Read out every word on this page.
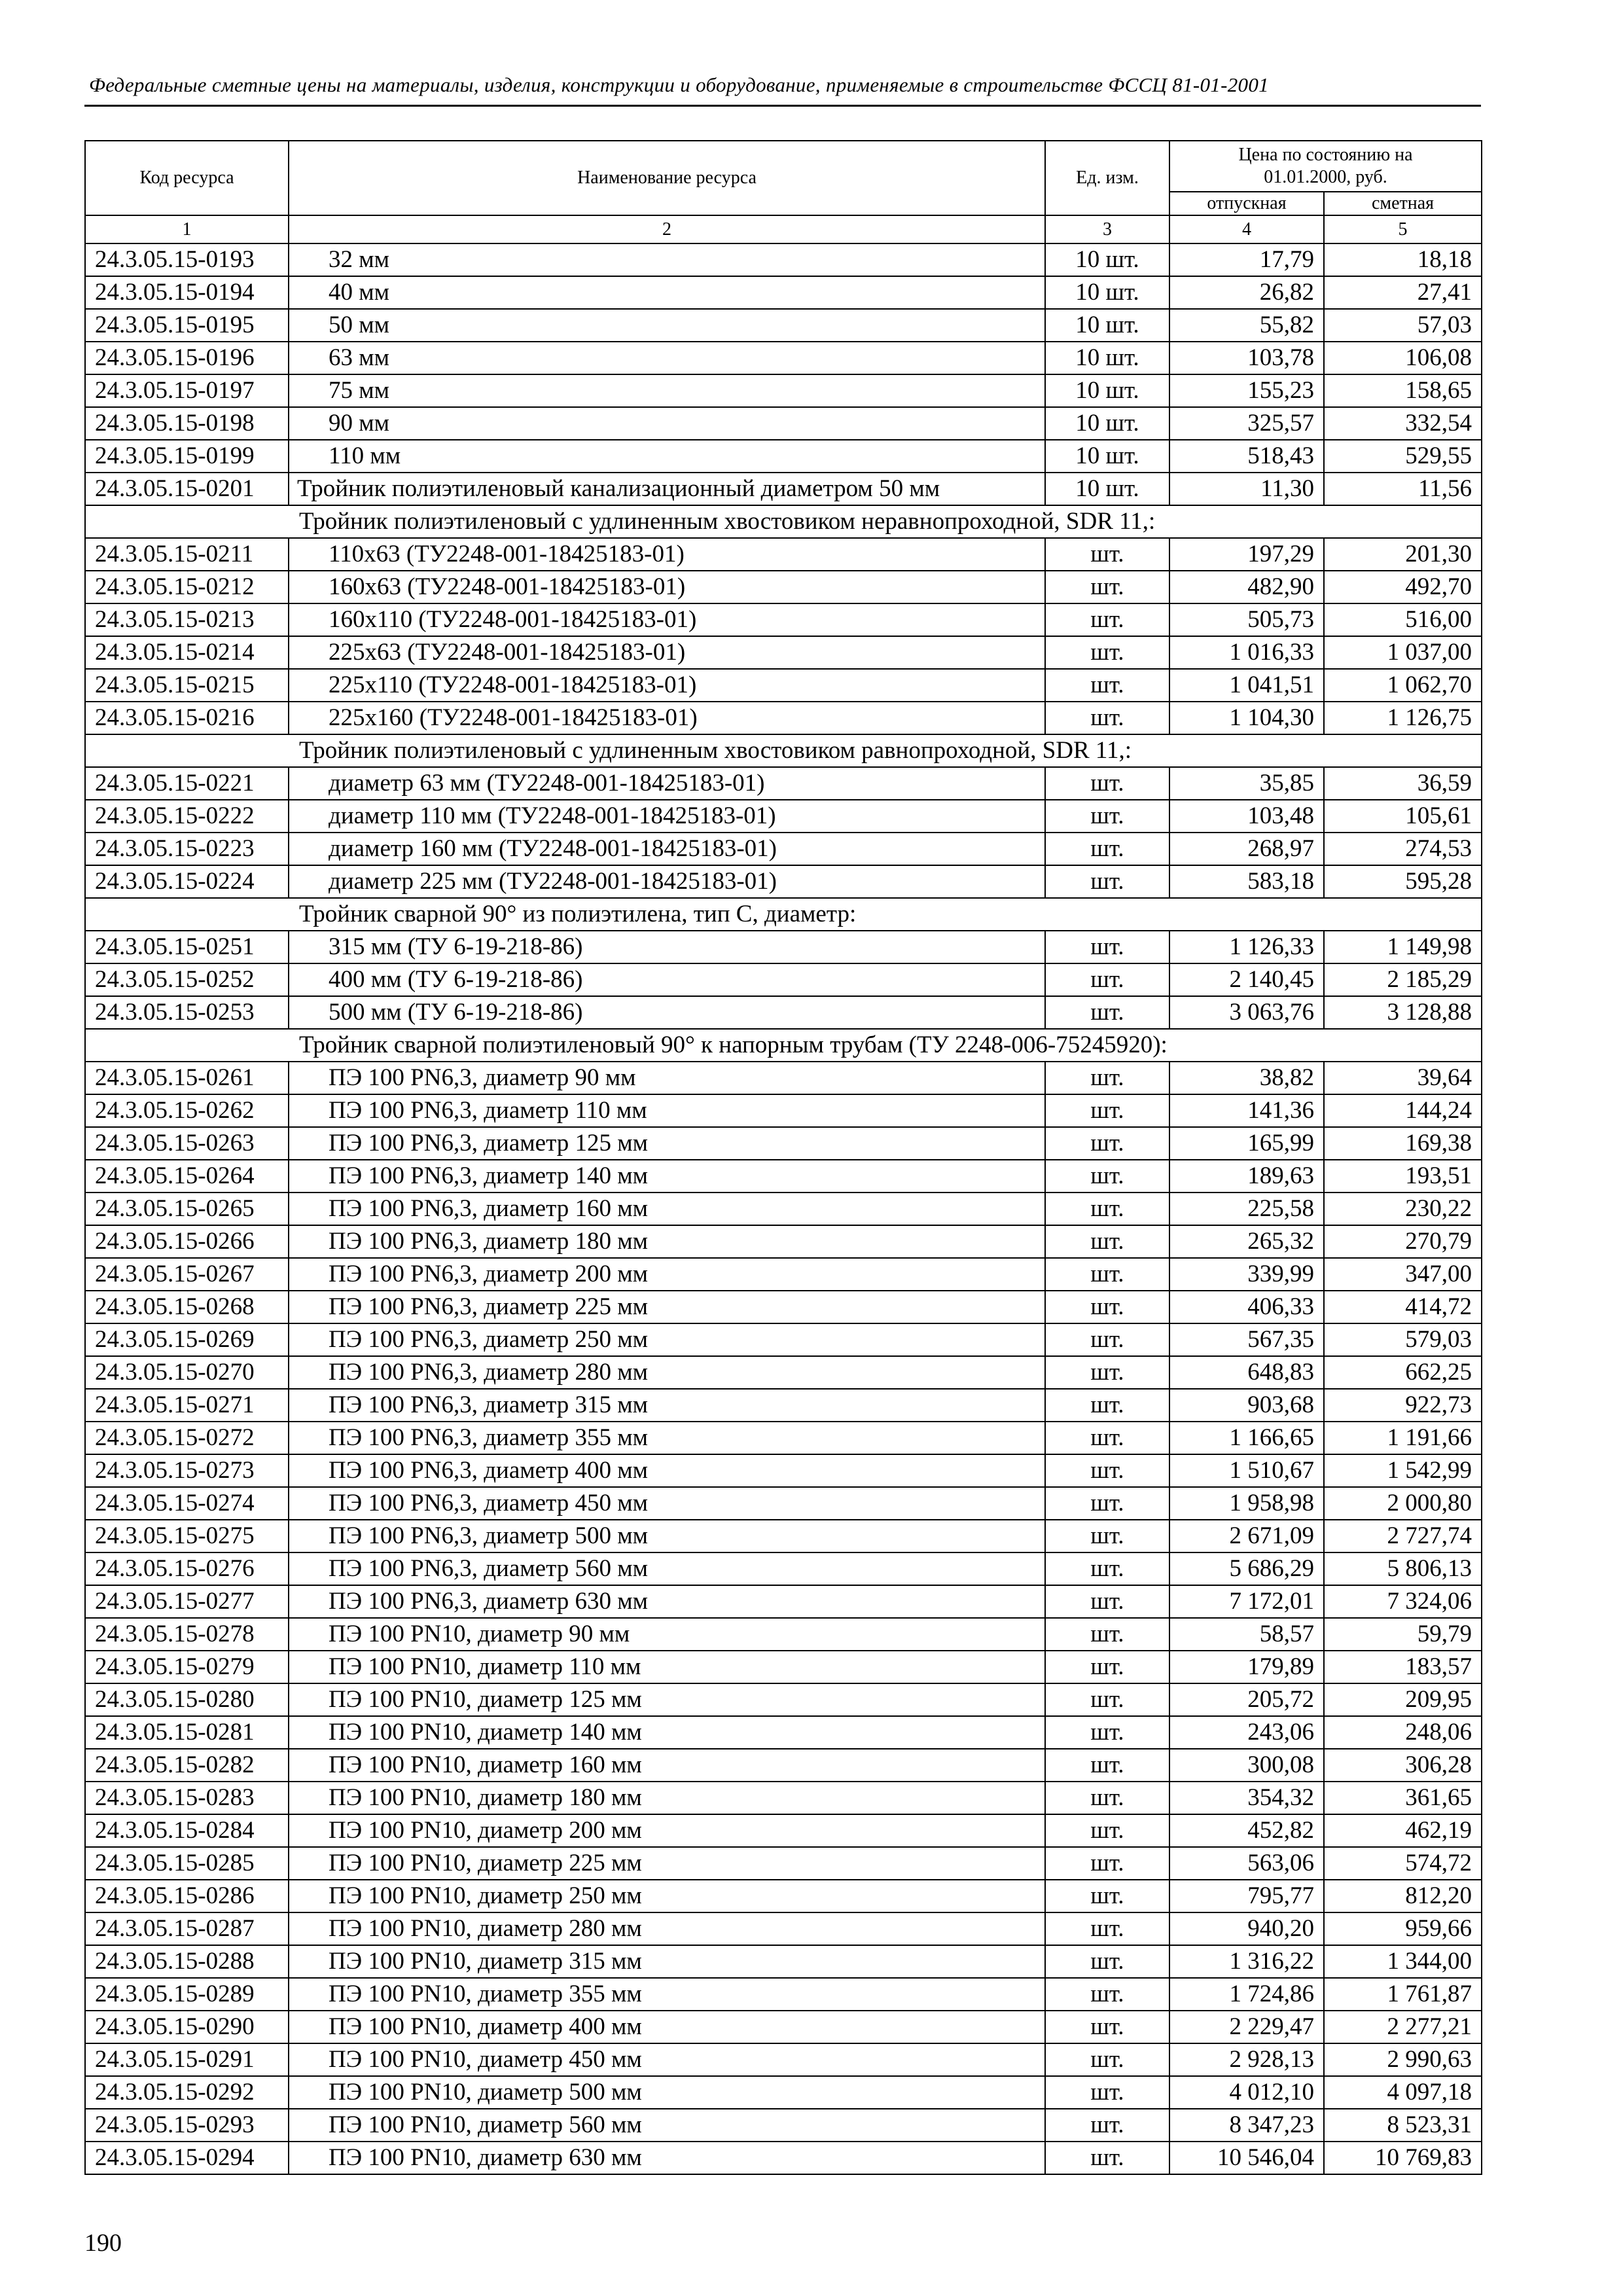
Федеральные сметные цены на материалы, изделия, конструкции и оборудование, применяемые в строительстве ФССЦ 81-01-2001
Код ресурса	Наименование ресурса	Ед. изм.	Цена по состоянию на 01.01.2000, руб.	
			отпускная	сметная
1	2	3	4	5
24.3.05.15-0193	32 мм	10 шт.	17,79	18,18
24.3.05.15-0194	40 мм	10 шт.	26,82	27,41
24.3.05.15-0195	50 мм	10 шт.	55,82	57,03
24.3.05.15-0196	63 мм	10 шт.	103,78	106,08
24.3.05.15-0197	75 мм	10 шт.	155,23	158,65
24.3.05.15-0198	90 мм	10 шт.	325,57	332,54
24.3.05.15-0199	110 мм	10 шт.	518,43	529,55
24.3.05.15-0201	Тройник полиэтиленовый канализационный диаметром 50 мм	10 шт.	11,30	11,56
Тройник полиэтиленовый с удлиненным хвостовиком неравнопроходной, SDR 11,:				
24.3.05.15-0211	110х63 (ТУ2248-001-18425183-01)	шт.	197,29	201,30
24.3.05.15-0212	160х63 (ТУ2248-001-18425183-01)	шт.	482,90	492,70
24.3.05.15-0213	160х110 (ТУ2248-001-18425183-01)	шт.	505,73	516,00
24.3.05.15-0214	225х63 (ТУ2248-001-18425183-01)	шт.	1 016,33	1 037,00
24.3.05.15-0215	225х110 (ТУ2248-001-18425183-01)	шт.	1 041,51	1 062,70
24.3.05.15-0216	225х160 (ТУ2248-001-18425183-01)	шт.	1 104,30	1 126,75
Тройник полиэтиленовый с удлиненным хвостовиком равнопроходной, SDR 11,:				
24.3.05.15-0221	диаметр 63 мм (ТУ2248-001-18425183-01)	шт.	35,85	36,59
24.3.05.15-0222	диаметр 110 мм (ТУ2248-001-18425183-01)	шт.	103,48	105,61
24.3.05.15-0223	диаметр 160 мм (ТУ2248-001-18425183-01)	шт.	268,97	274,53
24.3.05.15-0224	диаметр 225 мм (ТУ2248-001-18425183-01)	шт.	583,18	595,28
Тройник сварной 90° из полиэтилена, тип С, диаметр:				
24.3.05.15-0251	315 мм (ТУ 6-19-218-86)	шт.	1 126,33	1 149,98
24.3.05.15-0252	400 мм (ТУ 6-19-218-86)	шт.	2 140,45	2 185,29
24.3.05.15-0253	500 мм (ТУ 6-19-218-86)	шт.	3 063,76	3 128,88
Тройник сварной полиэтиленовый 90° к напорным трубам (ТУ 2248-006-75245920):				
24.3.05.15-0261	ПЭ 100 PN6,3, диаметр 90 мм	шт.	38,82	39,64
24.3.05.15-0262	ПЭ 100 PN6,3, диаметр 110 мм	шт.	141,36	144,24
24.3.05.15-0263	ПЭ 100 PN6,3, диаметр 125 мм	шт.	165,99	169,38
24.3.05.15-0264	ПЭ 100 PN6,3, диаметр 140 мм	шт.	189,63	193,51
24.3.05.15-0265	ПЭ 100 PN6,3, диаметр 160 мм	шт.	225,58	230,22
24.3.05.15-0266	ПЭ 100 PN6,3, диаметр 180 мм	шт.	265,32	270,79
24.3.05.15-0267	ПЭ 100 PN6,3, диаметр 200 мм	шт.	339,99	347,00
24.3.05.15-0268	ПЭ 100 PN6,3, диаметр 225 мм	шт.	406,33	414,72
24.3.05.15-0269	ПЭ 100 PN6,3, диаметр 250 мм	шт.	567,35	579,03
24.3.05.15-0270	ПЭ 100 PN6,3, диаметр 280 мм	шт.	648,83	662,25
24.3.05.15-0271	ПЭ 100 PN6,3, диаметр 315 мм	шт.	903,68	922,73
24.3.05.15-0272	ПЭ 100 PN6,3, диаметр 355 мм	шт.	1 166,65	1 191,66
24.3.05.15-0273	ПЭ 100 PN6,3, диаметр 400 мм	шт.	1 510,67	1 542,99
24.3.05.15-0274	ПЭ 100 PN6,3, диаметр 450 мм	шт.	1 958,98	2 000,80
24.3.05.15-0275	ПЭ 100 PN6,3, диаметр 500 мм	шт.	2 671,09	2 727,74
24.3.05.15-0276	ПЭ 100 PN6,3, диаметр 560 мм	шт.	5 686,29	5 806,13
24.3.05.15-0277	ПЭ 100 PN6,3, диаметр 630 мм	шт.	7 172,01	7 324,06
24.3.05.15-0278	ПЭ 100 PN10, диаметр 90 мм	шт.	58,57	59,79
24.3.05.15-0279	ПЭ 100 PN10, диаметр 110 мм	шт.	179,89	183,57
24.3.05.15-0280	ПЭ 100 PN10, диаметр 125 мм	шт.	205,72	209,95
24.3.05.15-0281	ПЭ 100 PN10, диаметр 140 мм	шт.	243,06	248,06
24.3.05.15-0282	ПЭ 100 PN10, диаметр 160 мм	шт.	300,08	306,28
24.3.05.15-0283	ПЭ 100 PN10, диаметр 180 мм	шт.	354,32	361,65
24.3.05.15-0284	ПЭ 100 PN10, диаметр 200 мм	шт.	452,82	462,19
24.3.05.15-0285	ПЭ 100 PN10, диаметр 225 мм	шт.	563,06	574,72
24.3.05.15-0286	ПЭ 100 PN10, диаметр 250 мм	шт.	795,77	812,20
24.3.05.15-0287	ПЭ 100 PN10, диаметр 280 мм	шт.	940,20	959,66
24.3.05.15-0288	ПЭ 100 PN10, диаметр 315 мм	шт.	1 316,22	1 344,00
24.3.05.15-0289	ПЭ 100 PN10, диаметр 355 мм	шт.	1 724,86	1 761,87
24.3.05.15-0290	ПЭ 100 PN10, диаметр 400 мм	шт.	2 229,47	2 277,21
24.3.05.15-0291	ПЭ 100 PN10, диаметр 450 мм	шт.	2 928,13	2 990,63
24.3.05.15-0292	ПЭ 100 PN10, диаметр 500 мм	шт.	4 012,10	4 097,18
24.3.05.15-0293	ПЭ 100 PN10, диаметр 560 мм	шт.	8 347,23	8 523,31
24.3.05.15-0294	ПЭ 100 PN10, диаметр 630 мм	шт.	10 546,04	10 769,83
190
